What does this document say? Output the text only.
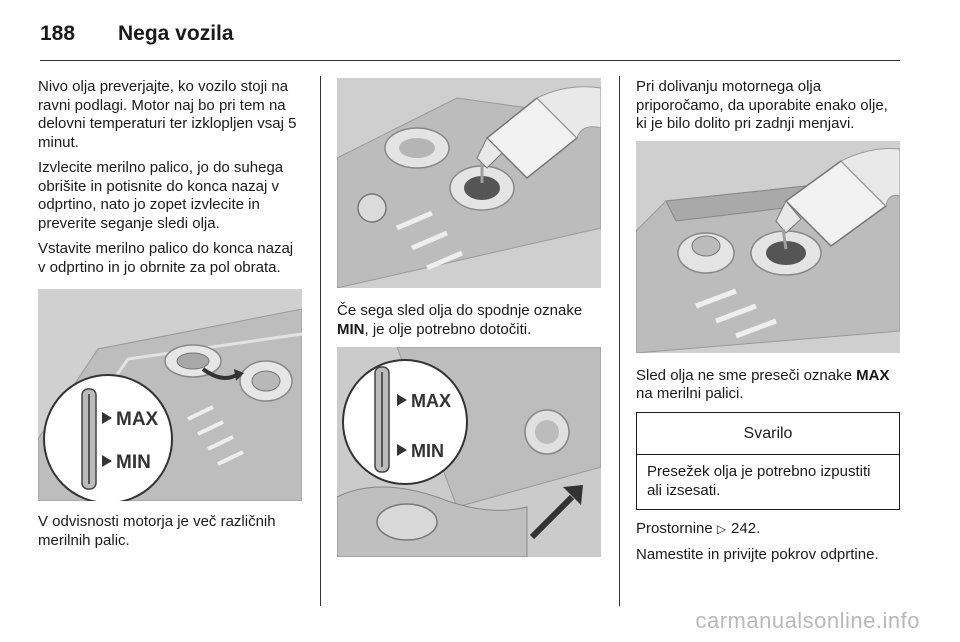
188	Nega vozila

Nivo olja preverjajte, ko vozilo stoji na ravni podlagi. Motor naj bo pri tem na delovni temperaturi ter izklopljen vsaj 5 minut.

Izvlecite merilno palico, jo do suhega obrišite in potisnite do konca nazaj v odprtino, nato jo zopet izvlecite in preverite seganje sledi olja.

Vstavite merilno palico do konca nazaj v odprtino in jo obrnite za pol obrata.

MAX
MIN

V odvisnosti motorja je več različnih merilnih palic.

Če sega sled olja do spodnje oznake MIN, je olje potrebno dotočiti.

MAX
MIN

Pri dolivanju motornega olja priporočamo, da uporabite enako olje, ki je bilo dolito pri zadnji menjavi.

Sled olja ne sme preseči oznake MAX na merilni palici.

Svarilo
Presežek olja je potrebno izpustiti ali izsesati.

Prostornine ▷ 242.

Namestite in privijte pokrov odprtine.

carmanualsonline.info
